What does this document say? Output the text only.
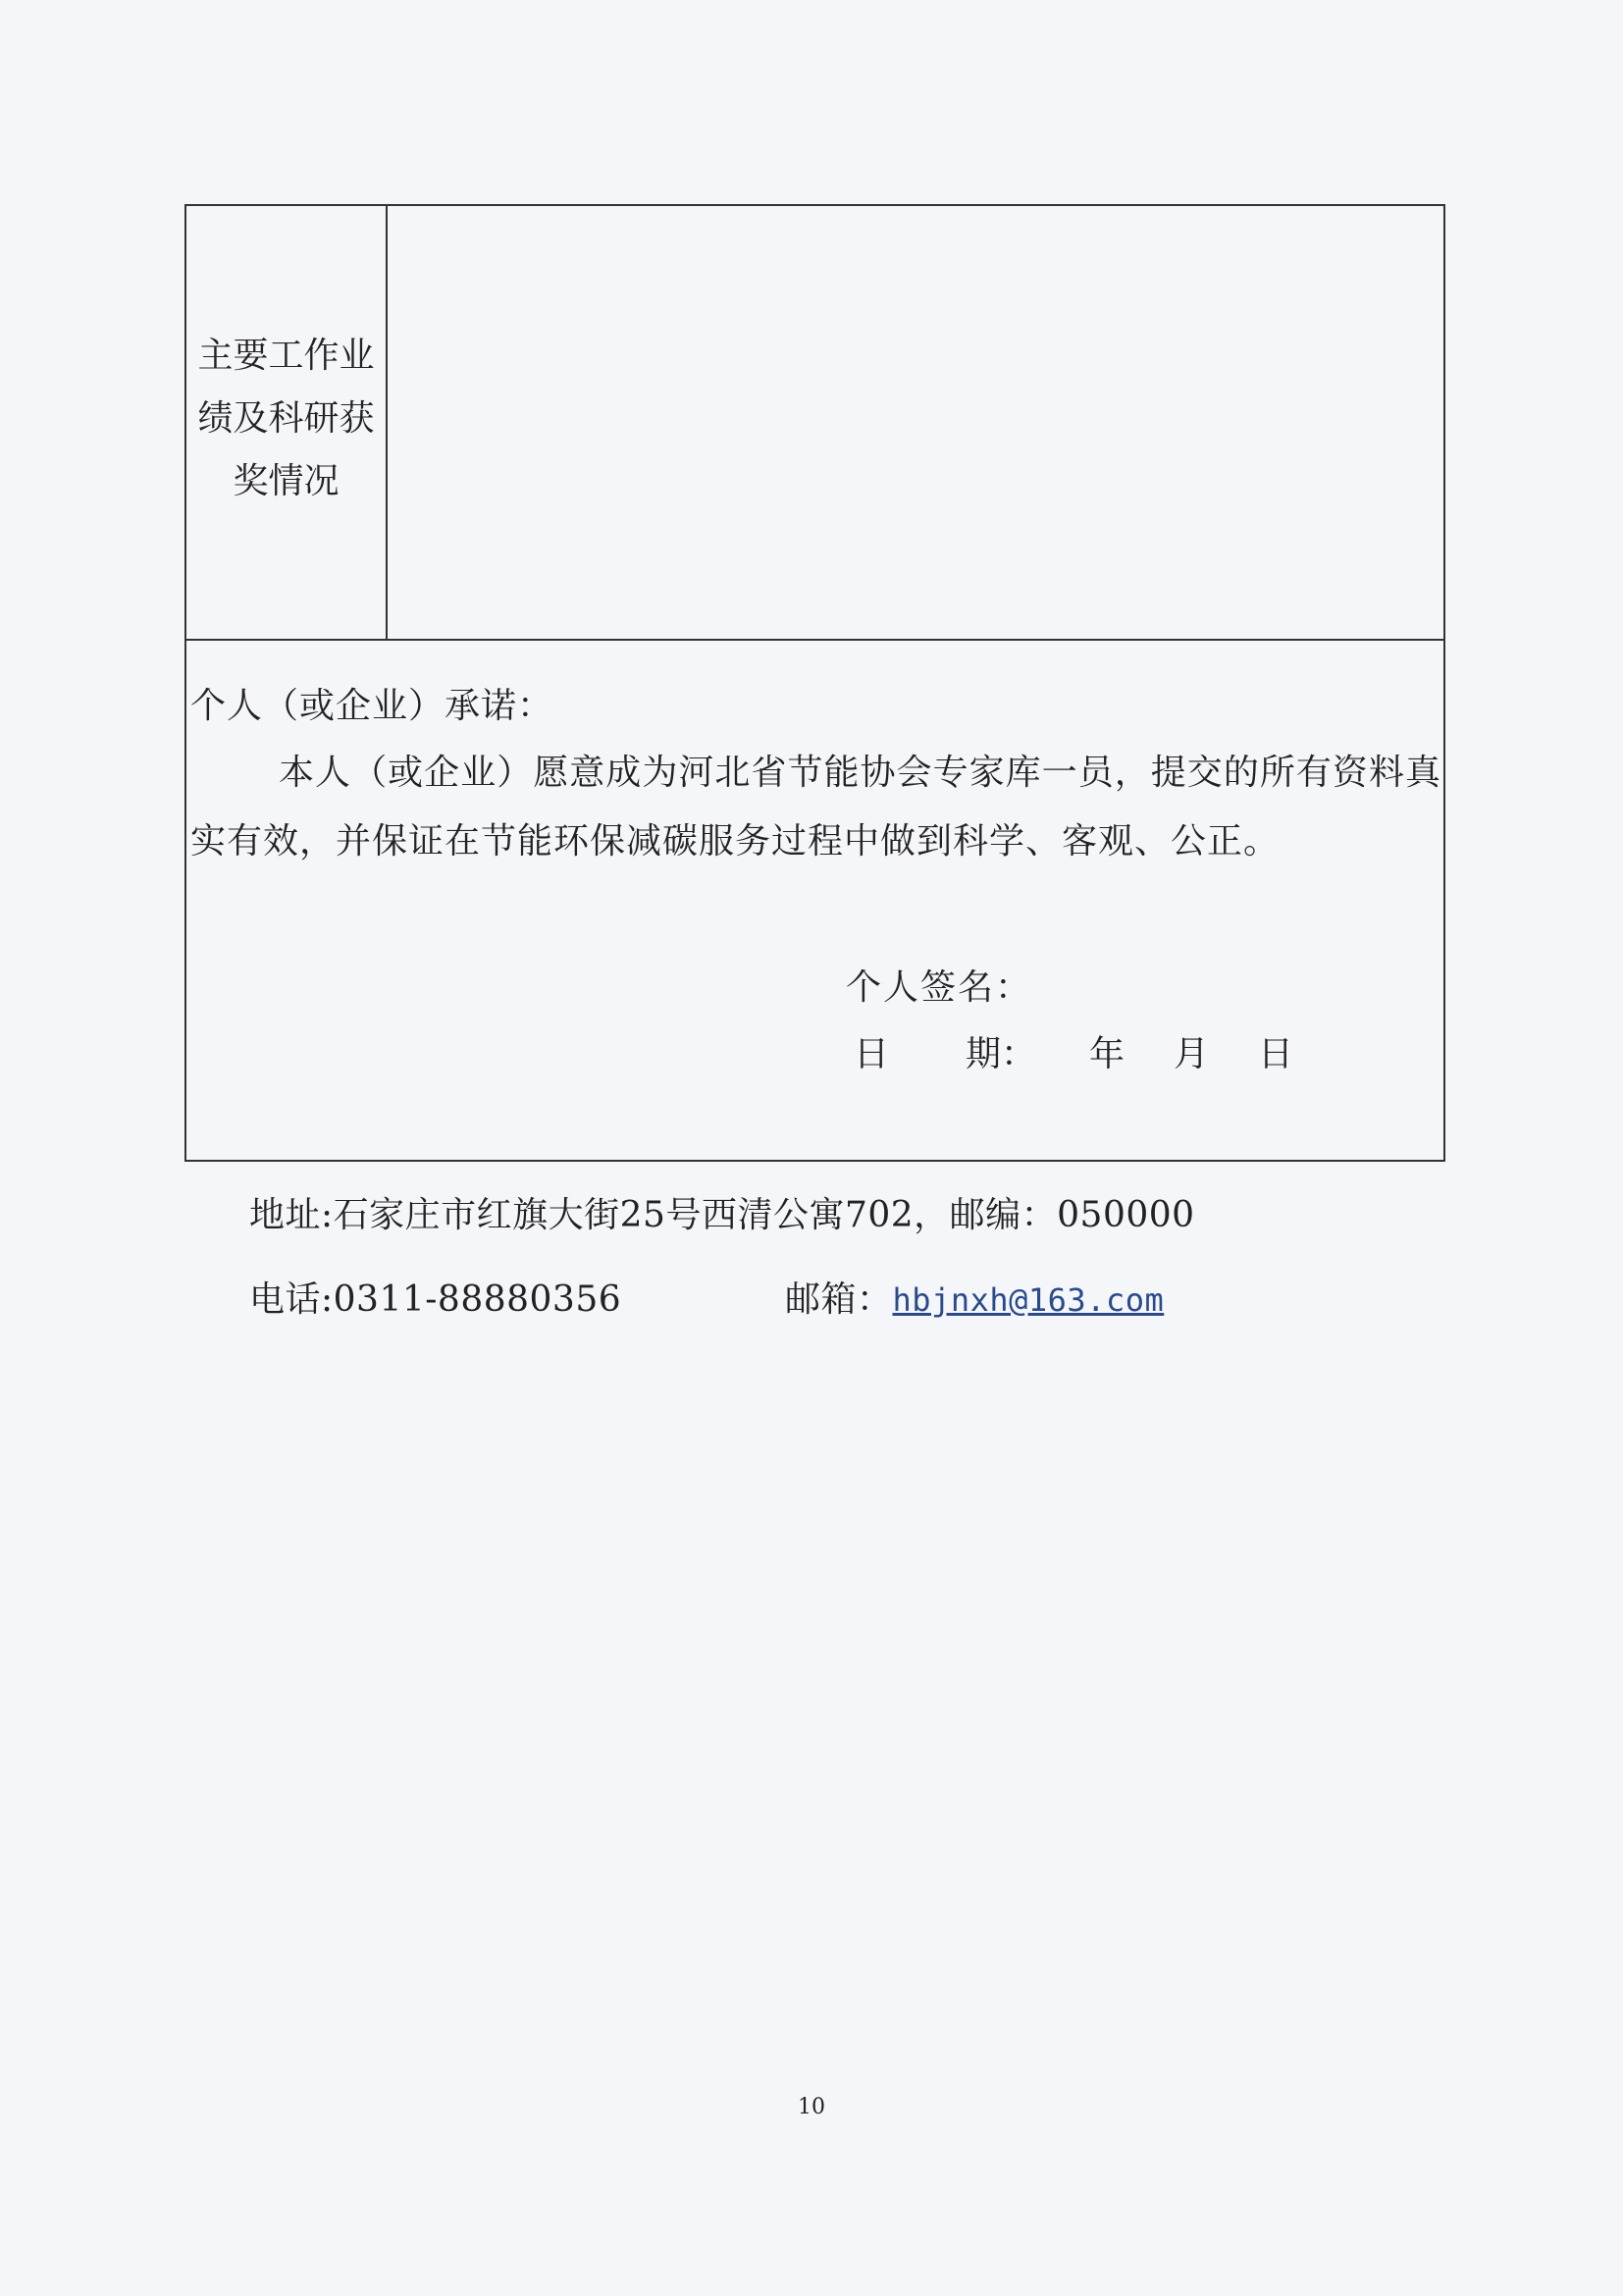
主要工作业
绩及科研获
奖情况
个人（或企业）承诺：

本人（或企业）愿意成为河北省节能协会专家库一员，提交的所有资料真实有效，并保证在节能环保减碳服务过程中做到科学、客观、公正。

个人签名：
日 期： 年 月 日
地址:石家庄市红旗大街25号西清公寓702，邮编：050000
电话:0311-88880356	邮箱：hbjnxh@163.com
10
